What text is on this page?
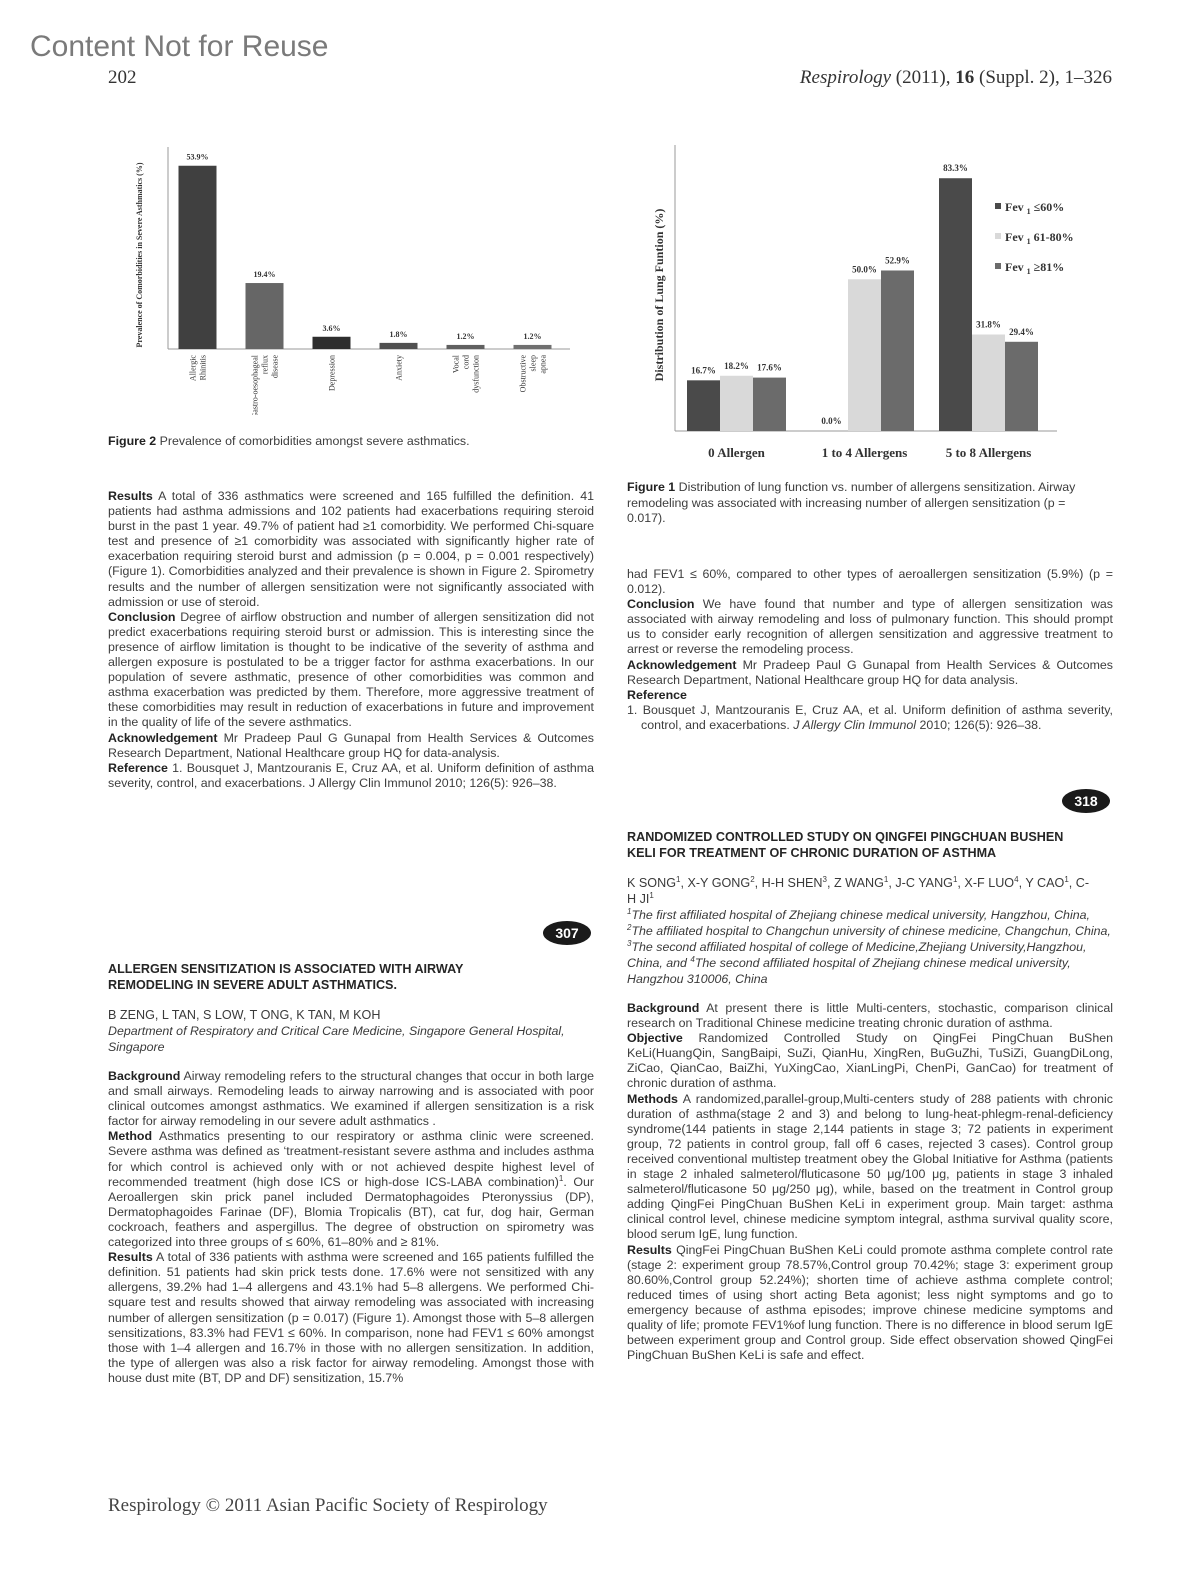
Content Not for Reuse
202	Respirology (2011), 16 (Suppl. 2), 1–326
Prevalence of Comorbidities in Severe Asthmatics (%)
53.9%
Allergic Rhinitis
19.4%
Gastro-oesophageal reflux disease
3.6%
Depression
1.8%
Anxiety
1.2%
Vocal cord dysfunction
1.2%
Obstructive sleep apnea	Distribution of Lung Funtion (%)	16.7% 18.2% 17.6%
0 Allergen
0.0%
50.0%
52.9%
1 to 4 Allergens
83.3%
31.8%
29.4%
5 to 8 Allergens
Fev $_1$ ≤60%
Fev $_1$ 61-80%
Fev $_1$ ≥81%
Figure 2 Prevalence of comorbidities amongst severe asthmatics.

Results A total of 336 asthmatics were screened and 165 fulfilled the definition. 41 patients had asthma admissions and 102 patients had exacerbations requiring steroid burst in the past 1 year. 49.7% of patient had ≥1 comorbidity. We performed Chi-square test and presence of ≥1 comorbidity was associated with significantly higher rate of exacerbation requiring steroid burst and admission (p = 0.004, p = 0.001 respectively) (Figure 1). Comorbidities analyzed and their prevalence is shown in Figure 2. Spirometry results and the number of allergen sensitization were not significantly associated with admission or use of steroid.

Conclusion Degree of airflow obstruction and number of allergen sensitization did not predict exacerbations requiring steroid burst or admission. This is interesting since the presence of airflow limitation is thought to be indicative of the severity of asthma and allergen exposure is postulated to be a trigger factor for asthma exacerbations. In our population of severe asthmatic, presence of other comorbidities was common and asthma exacerbation was predicted by them. Therefore, more aggressive treatment of these comorbidities may result in reduction of exacerbations in future and improvement in the quality of life of the severe asthmatics.

Acknowledgement Mr Pradeep Paul G Gunapal from Health Services & Outcomes Research Department, National Healthcare group HQ for data-analysis.

Reference 1. Bousquet J, Mantzouranis E, Cruz AA, et al. Uniform definition of asthma severity, control, and exacerbations. J Allergy Clin Immunol 2010; 126(5): 926–38.

307

ALLERGEN SENSITIZATION IS ASSOCIATED WITH AIRWAY REMODELING IN SEVERE ADULT ASTHMATICS.

B ZENG, L TAN, S LOW, T ONG, K TAN, M KOH

Department of Respiratory and Critical Care Medicine, Singapore General Hospital, Singapore

Background Airway remodeling refers to the structural changes that occur in both large and small airways. Remodeling leads to airway narrowing and is associated with poor clinical outcomes amongst asthmatics. We examined if allergen sensitization is a risk factor for airway remodeling in our severe adult asthmatics .

Method Asthmatics presenting to our respiratory or asthma clinic were screened. Severe asthma was defined as ‘treatment-resistant severe asthma and includes asthma for which control is achieved only with or not achieved despite highest level of recommended treatment (high dose ICS or high-dose ICS-LABA combination)$^1$. Our Aeroallergen skin prick panel included Dermatophagoides Pteronyssius (DP), Dermatophagoides Farinae (DF), Blomia Tropicalis (BT), cat fur, dog hair, German cockroach, feathers and aspergillus. The degree of obstruction on spirometry was categorized into three groups of ≤ 60%, 61–80% and ≥ 81%.

Results A total of 336 patients with asthma were screened and 165 patients fulfilled the definition. 51 patients had skin prick tests done. 17.6% were not sensitized with any allergens, 39.2% had 1–4 allergens and 43.1% had 5–8 allergens. We performed Chi-square test and results showed that airway remodeling was associated with increasing number of allergen sensitization (p = 0.017) (Figure 1). Amongst those with 5–8 allergen sensitizations, 83.3% had FEV1 ≤ 60%. In comparison, none had FEV1 ≤ 60% amongst those with 1–4 allergen and 16.7% in those with no allergen sensitization. In addition, the type of allergen was also a risk factor for airway remodeling. Amongst those with house dust mite (BT, DP and DF) sensitization, 15.7%

Figure 1 Distribution of lung function vs. number of allergens sensitization. Airway remodeling was associated with increasing number of allergen sensitization (p = 0.017).

had FEV1 ≤ 60%, compared to other types of aeroallergen sensitization (5.9%) (p = 0.012).

Conclusion We have found that number and type of allergen sensitization was associated with airway remodeling and loss of pulmonary function. This should prompt us to consider early recognition of allergen sensitization and aggressive treatment to arrest or reverse the remodeling process.

Acknowledgement Mr Pradeep Paul G Gunapal from Health Services & Outcomes Research Department, National Healthcare group HQ for data analysis.

Reference

1. Bousquet J, Mantzouranis E, Cruz AA, et al. Uniform definition of asthma severity, control, and exacerbations. J Allergy Clin Immunol 2010; 126(5): 926–38.

318

RANDOMIZED CONTROLLED STUDY ON QINGFEI PINGCHUAN BUSHEN KELI FOR TREATMENT OF CHRONIC DURATION OF ASTHMA

K SONG$^1$, X-Y GONG$^2$, H-H SHEN$^3$, Z WANG$^1$, J-C YANG$^1$, X-F LUO$^4$, Y CAO$^1$, C-H $JI^1$

$^1$The first affiliated hospital of Zhejiang chinese medical university, Hangzhou, China, $^2$The affiliated hospital to Changchun university of chinese medicine, Changchun, China, $^3$The second affiliated hospital of college of Medicine,Zhejiang University,Hangzhou, China, and $^4$The second affiliated hospital of Zhejiang chinese medical university, Hangzhou 310006, China

Background At present there is little Multi-centers, stochastic, comparison clinical research on Traditional Chinese medicine treating chronic duration of asthma.

Objective Randomized Controlled Study on QingFei PingChuan BuShen KeLi(HuangQin, SangBaipi, SuZi, QianHu, XingRen, BuGuZhi, TuSiZi, GuangDiLong, ZiCao, QianCao, BaiZhi, YuXingCao, XianLingPi, ChenPi, GanCao) for treatment of chronic duration of asthma.

Methods A randomized,parallel-group,Multi-centers study of 288 patients with chronic duration of asthma(stage 2 and 3) and belong to lung-heat-phlegm-renal-deficiency syndrome(144 patients in stage 2,144 patients in stage 3; 72 patients in experiment group, 72 patients in control group, fall off 6 cases, rejected 3 cases). Control group received conventional multistep treatment obey the Global Initiative for Asthma (patients in stage 2 inhaled salmeterol/fluticasone 50 μg/100 μg, patients in stage 3 inhaled salmeterol/fluticasone 50 μg/250 μg), while, based on the treatment in Control group adding QingFei PingChuan BuShen KeLi in experiment group. Main target: asthma clinical control level, chinese medicine symptom integral, asthma survival quality score, blood serum IgE, lung function.

Results QingFei PingChuan BuShen KeLi could promote asthma complete control rate (stage 2: experiment group 78.57%,Control group 70.42%; stage 3: experiment group 80.60%,Control group 52.24%); shorten time of achieve asthma complete control; reduced times of using short acting Beta agonist; less night symptoms and go to emergency because of asthma episodes; improve chinese medicine symptoms and quality of life; promote FEV1%of lung function. There is no difference in blood serum IgE between experiment group and Control group. Side effect observation showed QingFei PingChuan BuShen KeLi is safe and effect.

Respirology © 2011 Asian Pacific Society of Respirology
